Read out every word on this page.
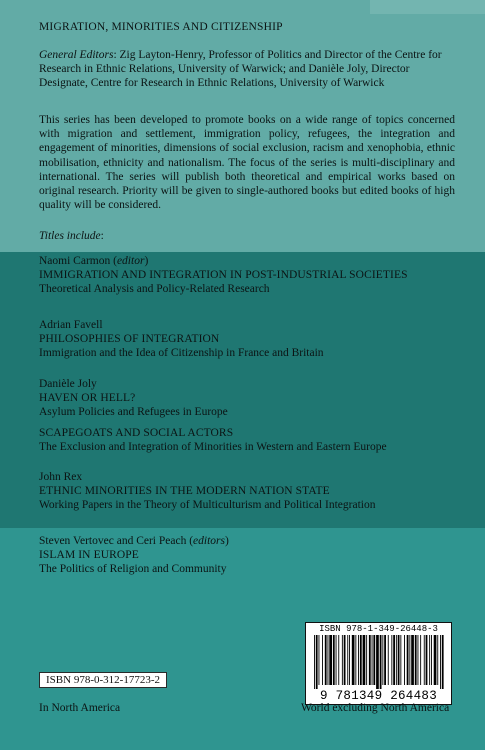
MIGRATION, MINORITIES AND CITIZENSHIP
General Editors: Zig Layton-Henry, Professor of Politics and Director of the Centre for Research in Ethnic Relations, University of Warwick; and Danièle Joly, Director Designate, Centre for Research in Ethnic Relations, University of Warwick
This series has been developed to promote books on a wide range of topics concerned with migration and settlement, immigration policy, refugees, the integration and engagement of minorities, dimensions of social exclusion, racism and xenophobia, ethnic mobilisation, ethnicity and nationalism. The focus of the series is multi-disciplinary and international. The series will publish both theoretical and empirical works based on original research. Priority will be given to single-authored books but edited books of high quality will be considered.
Titles include:
Naomi Carmon (editor)
IMMIGRATION AND INTEGRATION IN POST-INDUSTRIAL SOCIETIES
Theoretical Analysis and Policy-Related Research
Adrian Favell
PHILOSOPHIES OF INTEGRATION
Immigration and the Idea of Citizenship in France and Britain
Danièle Joly
HAVEN OR HELL?
Asylum Policies and Refugees in Europe
SCAPEGOATS AND SOCIAL ACTORS
The Exclusion and Integration of Minorities in Western and Eastern Europe
John Rex
ETHNIC MINORITIES IN THE MODERN NATION STATE
Working Papers in the Theory of Multiculturism and Political Integration
Steven Vertovec and Ceri Peach (editors)
ISLAM IN EUROPE
The Politics of Religion and Community
ISBN 978-1-349-26448-3
9 781349 264483
ISBN 978-0-312-17723-2
In North America	World excluding North America
